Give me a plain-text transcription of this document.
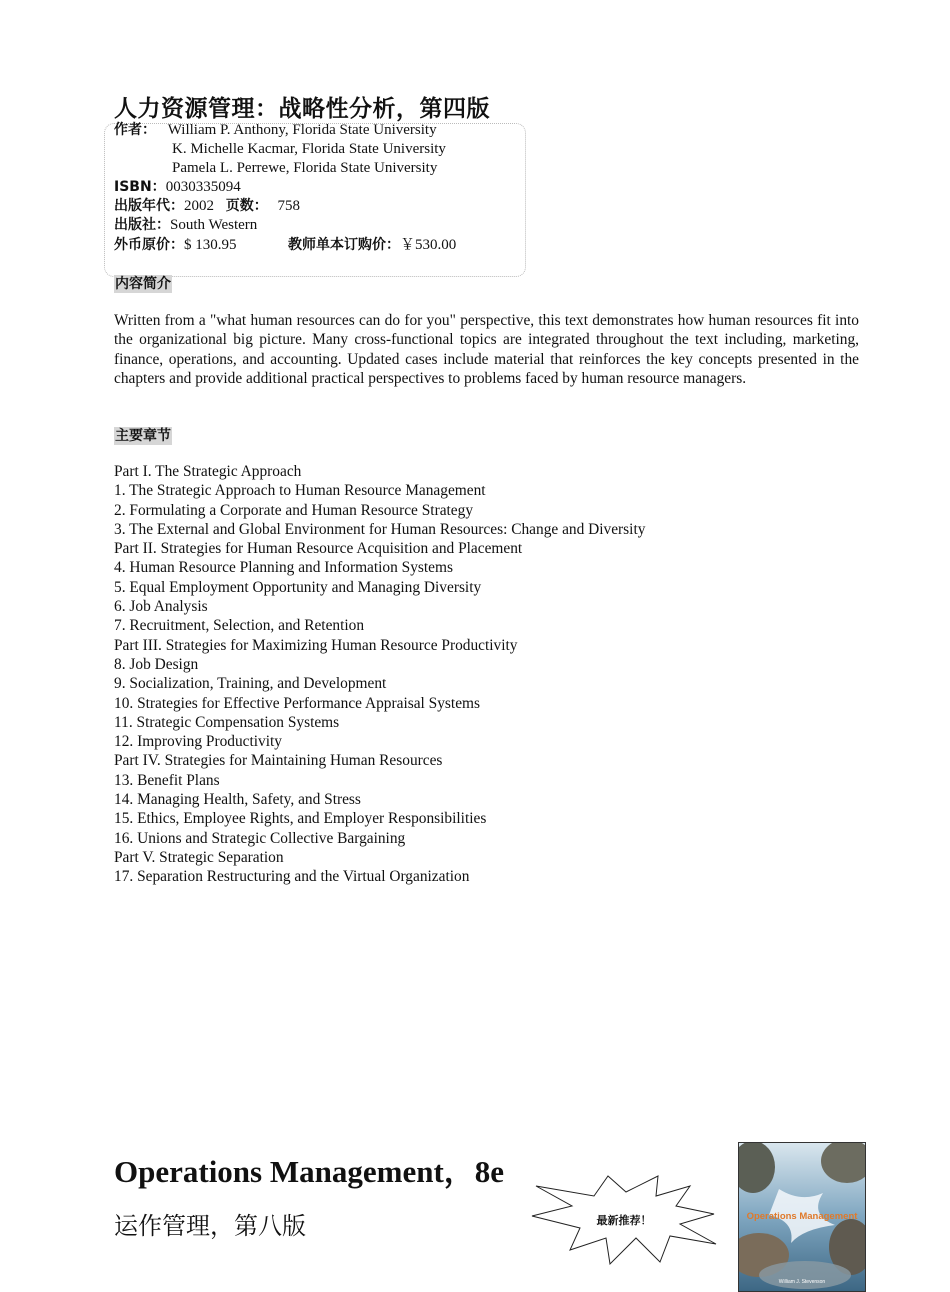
人力资源管理：战略性分析，第四版
作者： William P. Anthony, Florida State University
K. Michelle Kacmar, Florida State University
Pamela L. Perrewe, Florida State University
ISBN：0030335094
出版年代：2002 页数： 758
出版社：South Western
外币原价：$ 130.95	教师单本订购价：￥530.00
内容简介

Written from a "what human resources can do for you" perspective, this text demonstrates how human resources fit into the organizational big picture. Many cross-functional topics are integrated throughout the text including, marketing, finance, operations, and accounting. Updated cases include material that reinforces the key concepts presented in the chapters and provide additional practical perspectives to problems faced by human resource managers.

主要章节
Part I. The Strategic Approach
1. The Strategic Approach to Human Resource Management
2. Formulating a Corporate and Human Resource Strategy
3. The External and Global Environment for Human Resources: Change and Diversity
Part II. Strategies for Human Resource Acquisition and Placement
4. Human Resource Planning and Information Systems
5. Equal Employment Opportunity and Managing Diversity
6. Job Analysis
7. Recruitment, Selection, and Retention
Part III. Strategies for Maximizing Human Resource Productivity
8. Job Design
9. Socialization, Training, and Development
10. Strategies for Effective Performance Appraisal Systems
11. Strategic Compensation Systems
12. Improving Productivity
Part IV. Strategies for Maintaining Human Resources
13. Benefit Plans
14. Managing Health, Safety, and Stress
15. Ethics, Employee Rights, and Employer Responsibilities
16. Unions and Strategic Collective Bargaining
Part V. Strategic Separation
17. Separation Restructuring and the Virtual Organization
Operations Management，8e
运作管理，第八版	最新推荐！	Operations Management
William J. Stevenson
